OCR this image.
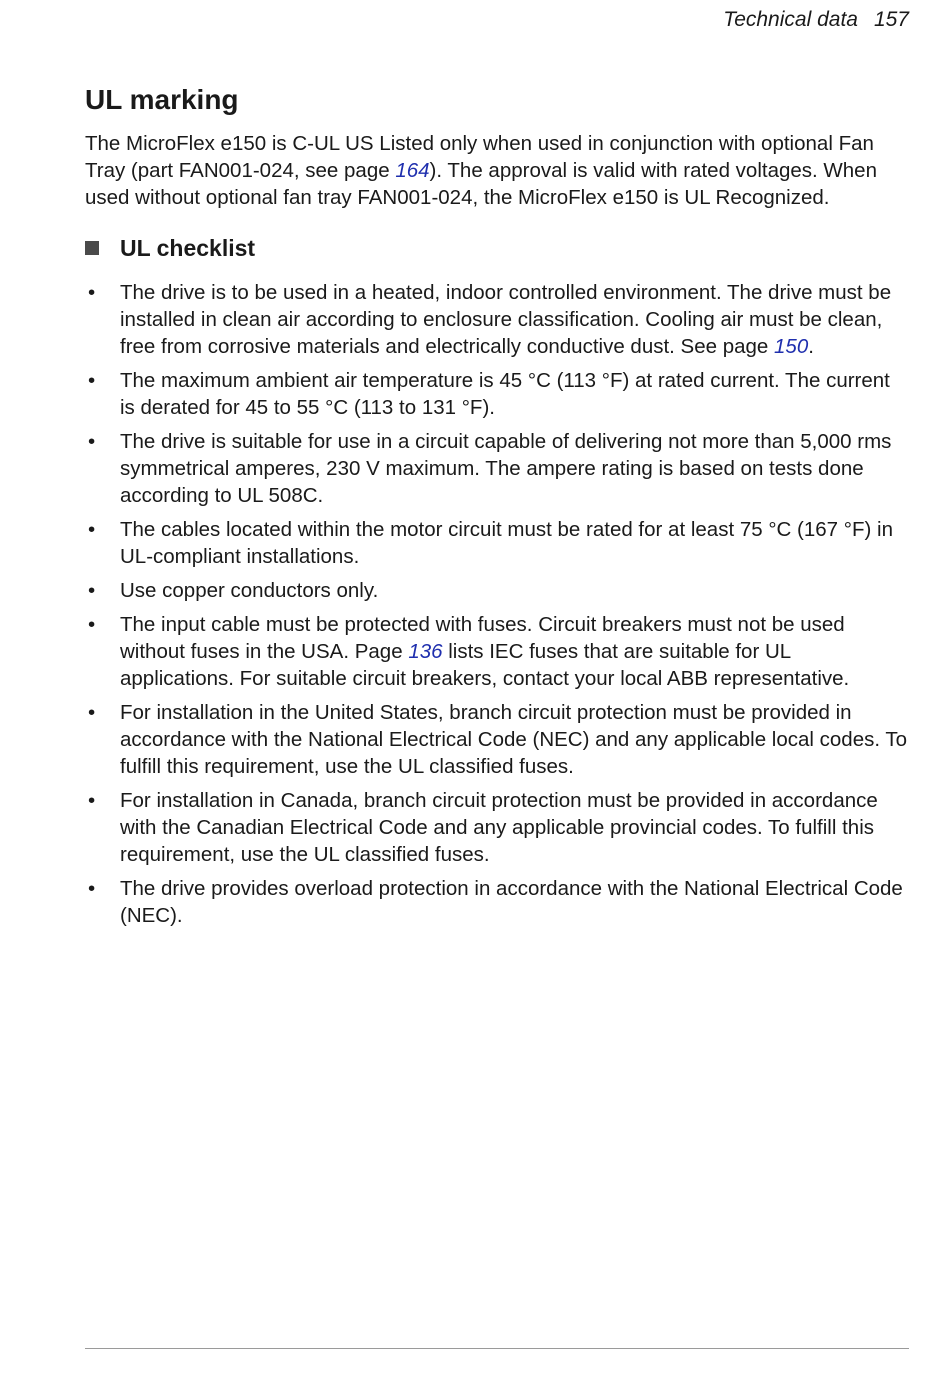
Technical data 157
UL marking

The MicroFlex e150 is C-UL US Listed only when used in conjunction with optional Fan Tray (part FAN001-024, see page 164). The approval is valid with rated voltages. When used without optional fan tray FAN001-024, the MicroFlex e150 is UL Recognized.

UL checklist
• The drive is to be used in a heated, indoor controlled environment. The drive must be installed in clean air according to enclosure classification. Cooling air must be clean, free from corrosive materials and electrically conductive dust. See page 150.
• The maximum ambient air temperature is 45 °C (113 °F) at rated current. The current is derated for 45 to 55 °C (113 to 131 °F).
• The drive is suitable for use in a circuit capable of delivering not more than 5,000 rms symmetrical amperes, 230 V maximum. The ampere rating is based on tests done according to UL 508C.
• The cables located within the motor circuit must be rated for at least 75 °C (167 °F) in UL-compliant installations.
• Use copper conductors only.
• The input cable must be protected with fuses. Circuit breakers must not be used without fuses in the USA. Page 136 lists IEC fuses that are suitable for UL applications. For suitable circuit breakers, contact your local ABB representative.
• For installation in the United States, branch circuit protection must be provided in accordance with the National Electrical Code (NEC) and any applicable local codes. To fulfill this requirement, use the UL classified fuses.
• For installation in Canada, branch circuit protection must be provided in accordance with the Canadian Electrical Code and any applicable provincial codes. To fulfill this requirement, use the UL classified fuses.
• The drive provides overload protection in accordance with the National Electrical Code (NEC).
